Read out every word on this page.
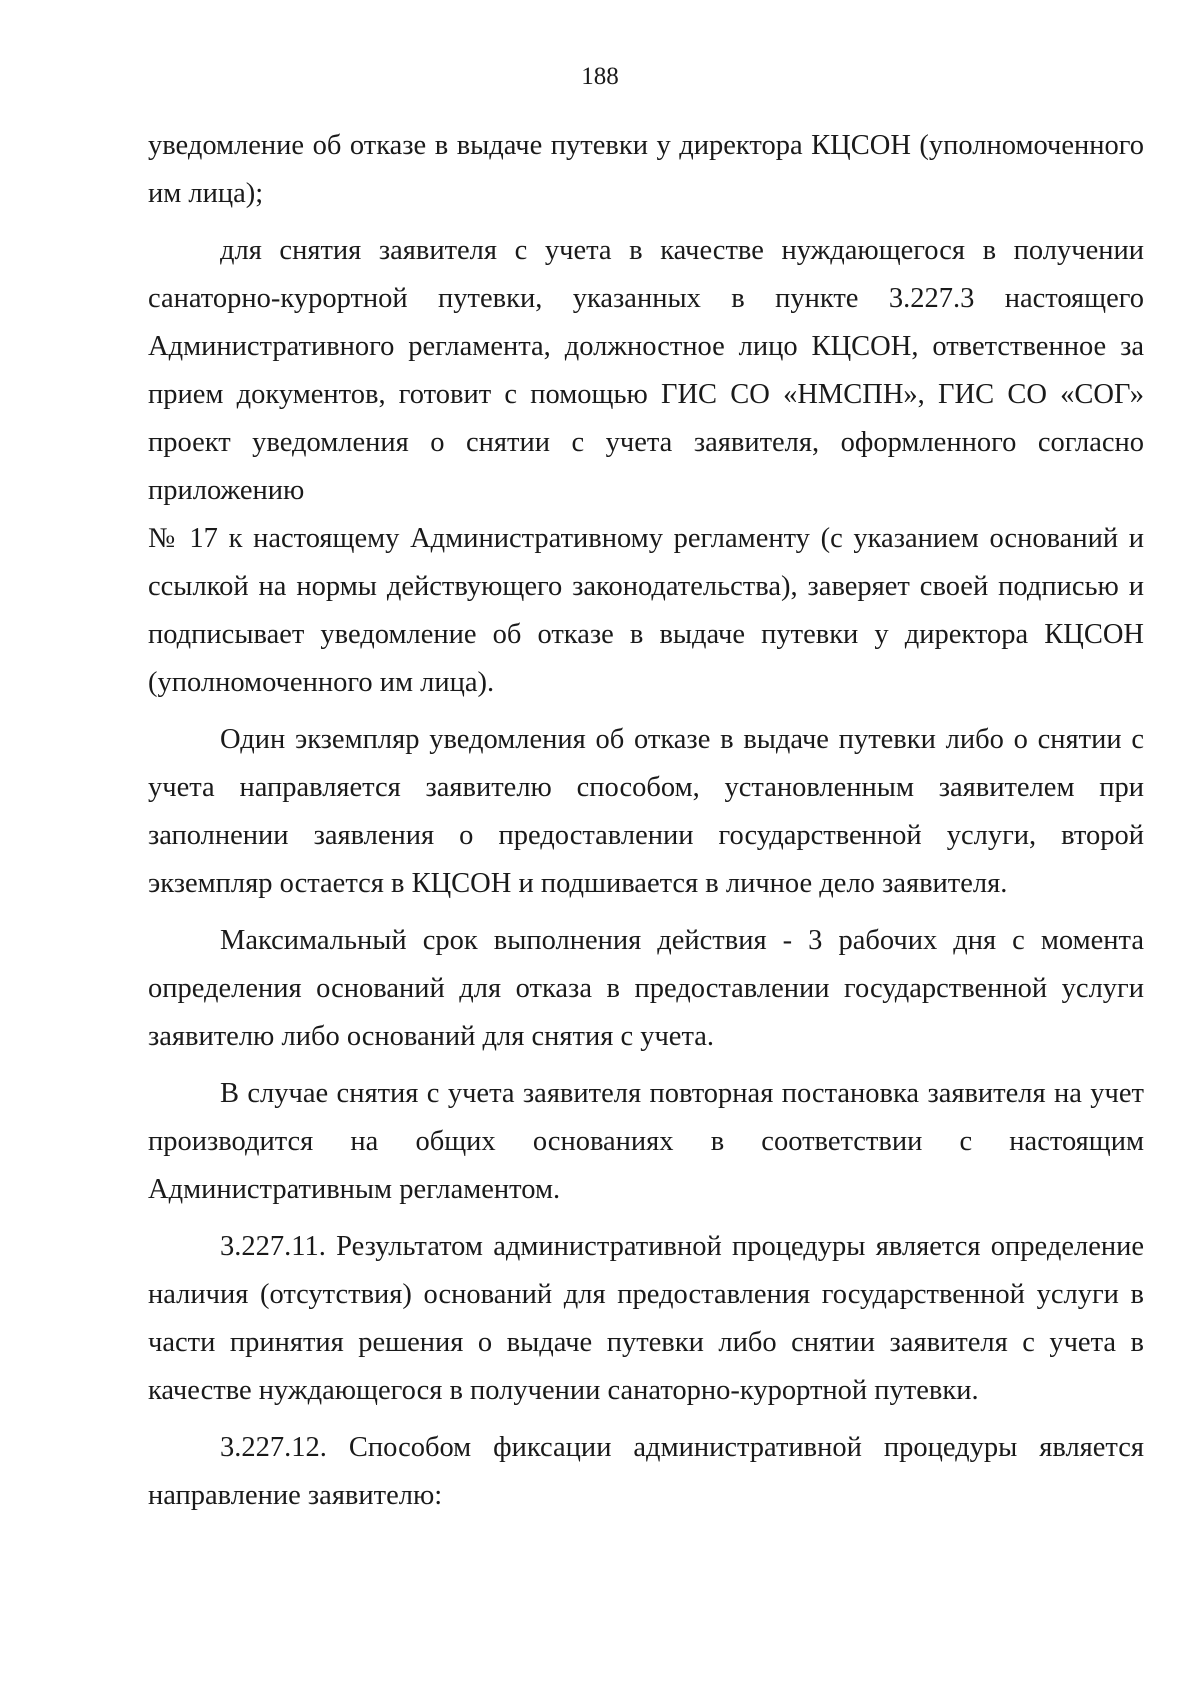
188

уведомление об отказе в выдаче путевки у директора КЦСОН (уполномоченного им лица);

для снятия заявителя с учета в качестве нуждающегося в получении санаторно-курортной путевки, указанных в пункте 3.227.3 настоящего Административного регламента, должностное лицо КЦСОН, ответственное за прием документов, готовит с помощью ГИС СО «НМСПН», ГИС СО «СОГ» проект уведомления о снятии с учета заявителя, оформленного согласно приложению

№ 17 к настоящему Административному регламенту (с указанием оснований и ссылкой на нормы действующего законодательства), заверяет своей подписью и подписывает уведомление об отказе в выдаче путевки у директора КЦСОН (уполномоченного им лица).

Один экземпляр уведомления об отказе в выдаче путевки либо о снятии с учета направляется заявителю способом, установленным заявителем при заполнении заявления о предоставлении государственной услуги, второй экземпляр остается в КЦСОН и подшивается в личное дело заявителя.

Максимальный срок выполнения действия - 3 рабочих дня с момента определения оснований для отказа в предоставлении государственной услуги заявителю либо оснований для снятия с учета.

В случае снятия с учета заявителя повторная постановка заявителя на учет производится на общих основаниях в соответствии с настоящим Административным регламентом.

3.227.11. Результатом административной процедуры является определение наличия (отсутствия) оснований для предоставления государственной услуги в части принятия решения о выдаче путевки либо снятии заявителя с учета в качестве нуждающегося в получении санаторно-курортной путевки.

3.227.12. Способом фиксации административной процедуры является направление заявителю:
